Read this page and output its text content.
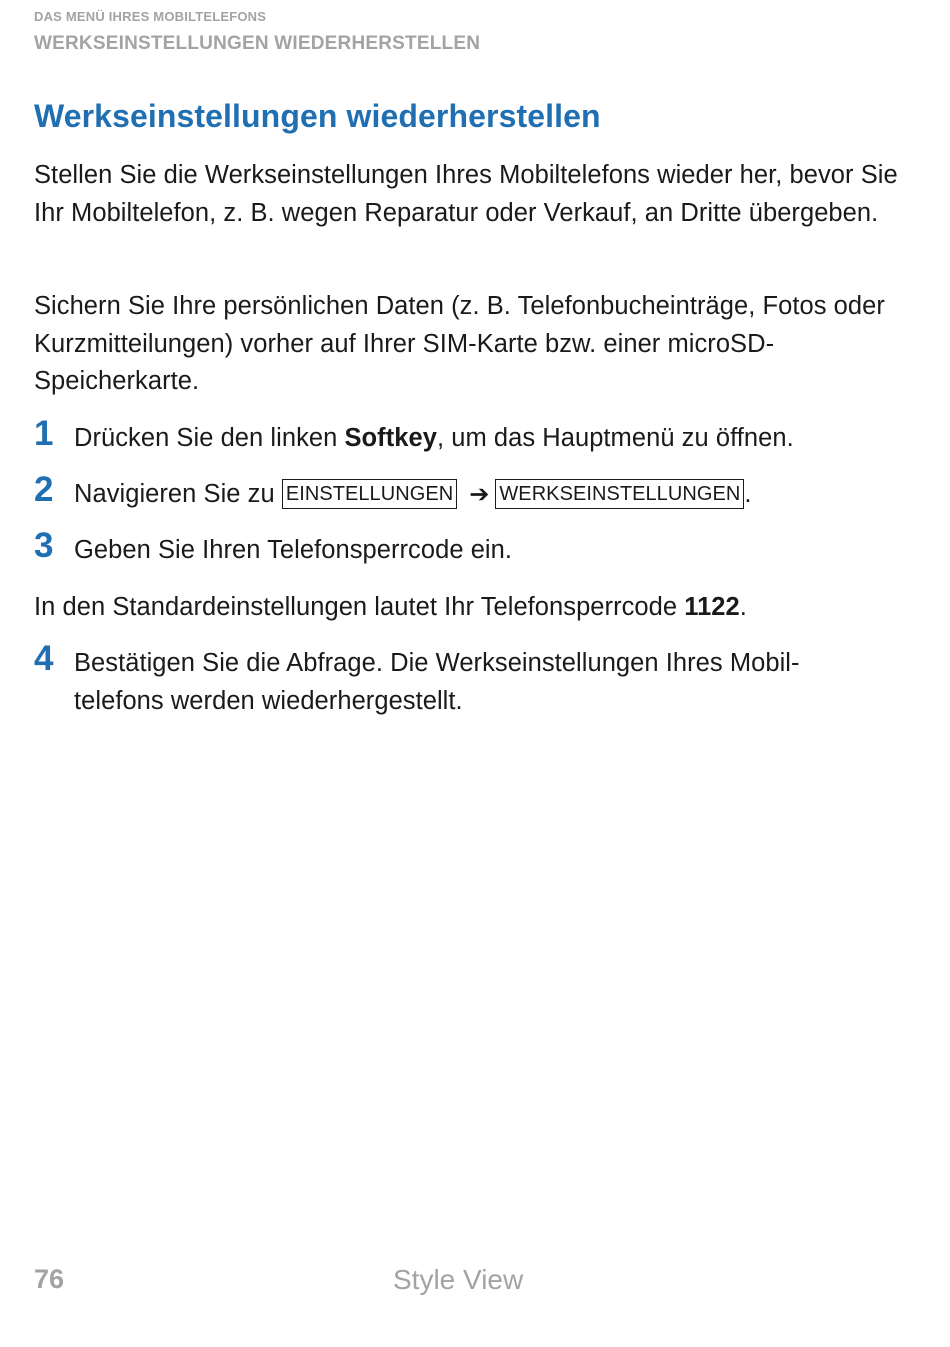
DAS MENÜ IHRES MOBILTELEFONS
WERKSEINSTELLUNGEN WIEDERHERSTELLEN
Werkseinstellungen wiederherstellen

Stellen Sie die Werkseinstellungen Ihres Mobiltelefons wieder her, bevor Sie Ihr Mobiltelefon, z. B. wegen Reparatur oder Verkauf, an Dritte übergeben.

Sichern Sie Ihre persönlichen Daten (z. B. Telefonbucheinträge, Fotos oder Kurzmitteilungen) vorher auf Ihrer SIM-Karte bzw. einer microSD-Speicherkarte.

1 Drücken Sie den linken Softkey, um das Hauptmenü zu öffnen.
2 Navigieren Sie zu EINSTELLUNGEN ➔ WERKSEINSTELLUNGEN .
3 Geben Sie Ihren Telefonsperrcode ein.

In den Standardeinstellungen lautet Ihr Telefonsperrcode 1122.

4 Bestätigen Sie die Abfrage. Die Werkseinstellungen Ihres Mobil-
telefons werden wiederhergestellt.
76	Style View
